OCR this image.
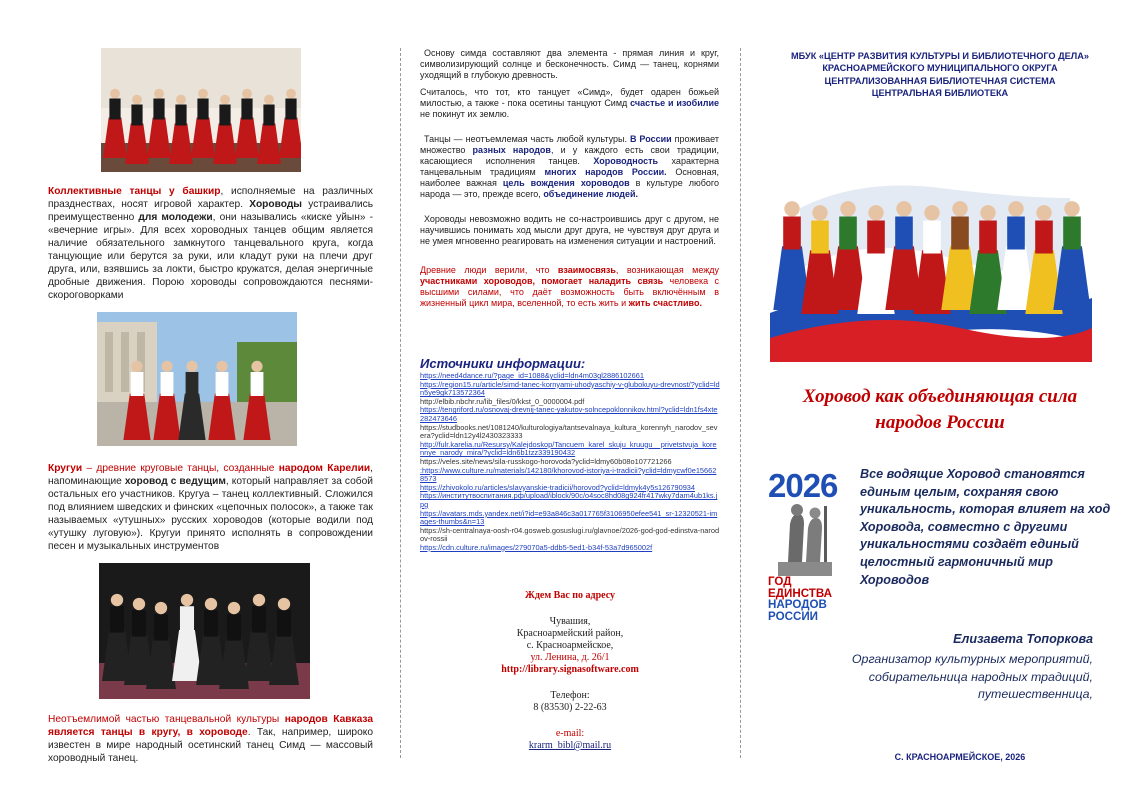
Коллективные танцы у башкир, исполняемые на различных празднествах, носят игровой характер. Хороводы устраивались преимущественно для молодежи, они назывались «киске уйын» - «вечерние игры». Для всех хороводных танцев общим является наличие обязательного замкнутого танцевального круга, когда танцующие или берутся за руки, или кладут руки на плечи друг друга, или, взявшись за локти, быстро кружатся, делая энергичные дробные движения. Порою хороводы сопровождаются песнями-скороговорками
Кругуи – древние круговые танцы, созданные народом Карелии, напоминающие хоровод с ведущим, который направляет за собой остальных его участников. Кругуа – танец коллективный. Сложился под влиянием шведских и финских «цепочных полосок», а также так называемых «утушных» русских хороводов (которые водили под «утушку луговую»). Кругуи принято исполнять в сопровождении песен и музыкальных инструментов
Неотъемлимой частью танцевальной культуры народов Кавказа является танцы в кругу, в хороводе. Так, например, широко известен в мире народный осетинский танец Симд — массовый хороводный танец.

Основу симда составляют два элемента - прямая линия и круг, символизирующий солнце и бесконечность. Симд — танец, корнями уходящий в глубокую древность.

Считалось, что тот, кто танцует «Симд», будет одарен божьей милостью, а также - пока осетины танцуют Симд счастье и изобилие не покинут их землю.

Танцы — неотъемлемая часть любой культуры. В России проживает множество разных народов, и у каждого есть свои традиции, касающиеся исполнения танцев. Хороводность характерна танцевальным традициям многих народов России. Основная, наиболее важная цель вождения хороводов в культуре любого народа — это, прежде всего, объединение людей.

Хороводы невозможно водить не со-настроившись друг с другом, не научившись понимать ход мысли друг друга, не чувствуя друг друга и не умея мгновенно реагировать на изменения ситуации и настроений.

Древние люди верили, что взаимосвязь, возникающая между участниками хороводов, помогает наладить связь человека с высшими силами, что даёт возможность быть включённым в жизненный цикл мира, вселенной, то есть жить и жить счастливо.

Источники информации:
https://need4dance.ru/?page_id=1088&yclid=ldn4m03gl2886102661
https://region15.ru/article/simd-tanec-kornyami-uhodyaschiy-v-glubokuyu-drevnost/?yclid=ldn5ye9gk713572364
http://elbib.nbchr.ru/lib_files/0/kkst_0_0000004.pdf
https://tengriford.ru/osnovaj-drevnij-tanec-yakutov-solncepoklonnikov.html?yclid=ldn1fs4xte282473646
https://studbooks.net/1081240/kulturologiya/tantsevalnaya_kultura_korennyh_narodov_severa?yclid=ldn12y4l2430323333
http://fulr.karelia.ru/Resursy/Kalejdoskop/Tancuem_karel_skuju_kruugu__privetstvuja_korennye_narody_mira/?yclid=ldn6b1tzz339190432
https://veles.site/news/sila-russkogo-horovoda?yclid=ldmy60b08o107721266
:https://www.culture.ru/materials/142180/khorovod-istoriya-i-tradicii?yclid=ldmycwf0e156628573
https://zhivokolo.ru/articles/slavyanskie-tradicii/horovod?yclid=ldmyk4y5s126790934
https://институтвоспитания.рф/upload/iblock/90c/o4soc8hd08g924fr417wky7dam4ub1ks.jpg
https://avatars.mds.yandex.net/i?id=e93a846c3a017765f3106950efee541_sr-12320521-images-thumbs&n=13
https://sh-centralnaya-oosh-r04.gosweb.gosuslugi.ru/glavnoe/2026-god-god-edinstva-narodov-rossii
https://cdn.culture.ru/images/279070a5-ddb5-5ed1-b34f-53a7d965002f
Ждем Вас по адресу
Чувашия,
Красноармейский район,
с. Красноармейское,
ул. Ленина, д. 26/1
http://library.signasoftware.com
Телефон:
8 (83530) 2-22-63
e-mail:
krarm_bibl@mail.ru
МБУК «ЦЕНТР РАЗВИТИЯ КУЛЬТУРЫ И БИБЛИОТЕЧНОГО ДЕЛА»
КРАСНОАРМЕЙСКОГО МУНИЦИПАЛЬНОГО ОКРУГА
ЦЕНТРАЛИЗОВАННАЯ БИБЛИОТЕЧНАЯ СИСТЕМА
ЦЕНТРАЛЬНАЯ БИБЛИОТЕКА
Хоровод как объединяющая сила
народов России
2026
ГОД
ЕДИНСТВА
НАРОДОВ
РОССИИ
Все водящие Хоровод становятся единым целым, сохраняя свою уникальность, которая влияет на ход Хоровода, совместно с другими уникальностями создаёт единый целостный гармоничный мир Хороводов
Елизавета Топоркова
Организатор культурных мероприятий, собирательница народных традиций, путешественница,
С. КРАСНОАРМЕЙСКОЕ, 2026
